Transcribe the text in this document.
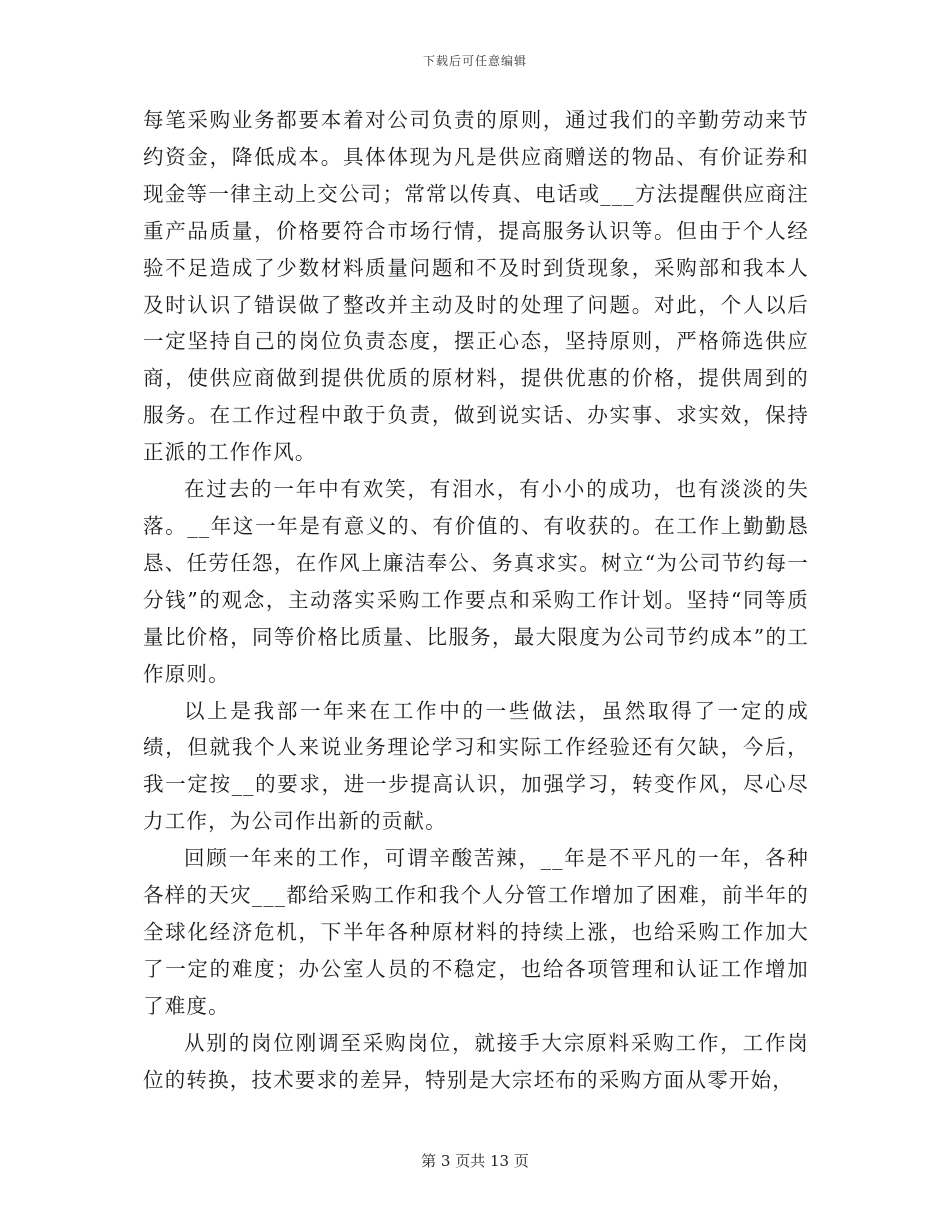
下载后可任意编辑

每笔采购业务都要本着对公司负责的原则，通过我们的辛勤劳动来节约资金，降低成本。具体体现为凡是供应商赠送的物品、有价证券和现金等一律主动上交公司；常常以传真、电话或___方法提醒供应商注重产品质量，价格要符合市场行情，提高服务认识等。但由于个人经验不足造成了少数材料质量问题和不及时到货现象，采购部和我本人及时认识了错误做了整改并主动及时的处理了问题。对此，个人以后一定坚持自己的岗位负责态度，摆正心态，坚持原则，严格筛选供应商，使供应商做到提供优质的原材料，提供优惠的价格，提供周到的服务。在工作过程中敢于负责，做到说实话、办实事、求实效，保持正派的工作作风。

在过去的一年中有欢笑，有泪水，有小小的成功，也有淡淡的失落。__年这一年是有意义的、有价值的、有收获的。在工作上勤勤恳恳、任劳任怨，在作风上廉洁奉公、务真求实。树立“为公司节约每一分钱”的观念，主动落实采购工作要点和采购工作计划。坚持“同等质量比价格，同等价格比质量、比服务，最大限度为公司节约成本”的工作原则。

以上是我部一年来在工作中的一些做法，虽然取得了一定的成绩，但就我个人来说业务理论学习和实际工作经验还有欠缺，今后，我一定按__的要求，进一步提高认识，加强学习，转变作风，尽心尽力工作，为公司作出新的贡献。

回顾一年来的工作，可谓辛酸苦辣，__年是不平凡的一年，各种各样的天灾___都给采购工作和我个人分管工作增加了困难，前半年的全球化经济危机，下半年各种原材料的持续上涨，也给采购工作加大了一定的难度；办公室人员的不稳定，也给各项管理和认证工作增加了难度。

从别的岗位刚调至采购岗位，就接手大宗原料采购工作，工作岗位的转换，技术要求的差异，特别是大宗坯布的采购方面从零开始，

第 3 页共 13 页
